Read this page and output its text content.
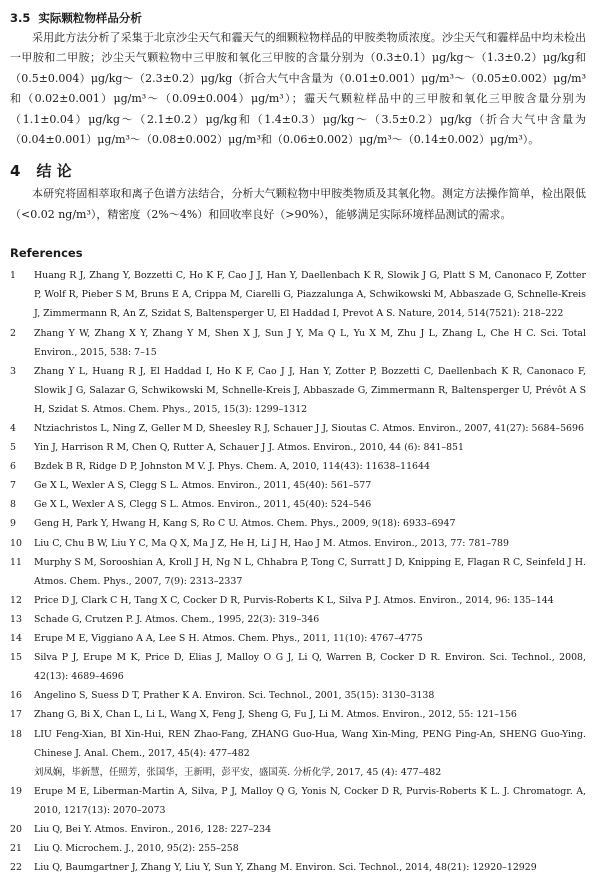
3.5 实际颗粒物样品分析

采用此方法分析了采集于北京沙尘天气和霾天气的细颗粒物样品的甲胺类物质浓度。沙尘天气和霾样品中均未检出一甲胺和二甲胺；沙尘天气颗粒物中三甲胺和氧化三甲胺的含量分别为（0.3±0.1）μg/kg～（1.3±0.2）μg/kg和（0.5±0.004）μg/kg～（2.3±0.2）μg/kg（折合大气中含量为（0.01±0.001）μg/m³～（0.05±0.002）μg/m³和（0.02±0.001）μg/m³～（0.09±0.004）μg/m³）；霾天气颗粒样品中的三甲胺和氧化三甲胺含量分别为（1.1±0.04）μg/kg～（2.1±0.2）μg/kg和（1.4±0.3）μg/kg～（3.5±0.2）μg/kg（折合大气中含量为（0.04±0.001）μg/m³～（0.08±0.002）μg/m³和（0.06±0.002）μg/m³～（0.14±0.002）μg/m³）。

4 结 论

本研究将固相萃取和离子色谱方法结合，分析大气颗粒物中甲胺类物质及其氧化物。测定方法操作简单，检出限低（<0.02 ng/m³），精密度（2%～4%）和回收率良好（>90%），能够满足实际环境样品测试的需求。

References
1	Huang R J, Zhang Y, Bozzetti C, Ho K F, Cao J J, Han Y, Daellenbach K R, Slowik J G, Platt S M, Canonaco F, Zotter P, Wolf R, Pieber S M, Bruns E A, Crippa M, Ciarelli G, Piazzalunga A, Schwikowski M, Abbaszade G, Schnelle-Kreis J, Zimmermann R, An Z, Szidat S, Baltensperger U, El Haddad I, Prevot A S. Nature, 2014, 514(7521): 218–222
2	Zhang Y W, Zhang X Y, Zhang Y M, Shen X J, Sun J Y, Ma Q L, Yu X M, Zhu J L, Zhang L, Che H C. Sci. Total Environ., 2015, 538: 7–15
3	Zhang Y L, Huang R J, El Haddad I, Ho K F, Cao J J, Han Y, Zotter P, Bozzetti C, Daellenbach K R, Canonaco F, Slowik J G, Salazar G, Schwikowski M, Schnelle-Kreis J, Abbaszade G, Zimmermann R, Baltensperger U, Prévôt A S H, Szidat S. Atmos. Chem. Phys., 2015, 15(3): 1299–1312
4	Ntziachristos L, Ning Z, Geller M D, Sheesley R J, Schauer J J, Sioutas C. Atmos. Environ., 2007, 41(27): 5684–5696
5	Yin J, Harrison R M, Chen Q, Rutter A, Schauer J J. Atmos. Environ., 2010, 44 (6): 841–851
6	Bzdek B R, Ridge D P, Johnston M V. J. Phys. Chem. A, 2010, 114(43): 11638–11644
7	Ge X L, Wexler A S, Clegg S L. Atmos. Environ., 2011, 45(40): 561–577
8	Ge X L, Wexler A S, Clegg S L. Atmos. Environ., 2011, 45(40): 524–546
9	Geng H, Park Y, Hwang H, Kang S, Ro C U. Atmos. Chem. Phys., 2009, 9(18): 6933–6947
10	Liu C, Chu B W, Liu Y C, Ma Q X, Ma J Z, He H, Li J H, Hao J M. Atmos. Environ., 2013, 77: 781–789
11	Murphy S M, Sorooshian A, Kroll J H, Ng N L, Chhabra P, Tong C, Surratt J D, Knipping E, Flagan R C, Seinfeld J H. Atmos. Chem. Phys., 2007, 7(9): 2313–2337
12	Price D J, Clark C H, Tang X C, Cocker D R, Purvis-Roberts K L, Silva P J. Atmos. Environ., 2014, 96: 135–144
13	Schade G, Crutzen P. J. Atmos. Chem., 1995, 22(3): 319–346
14	Erupe M E, Viggiano A A, Lee S H. Atmos. Chem. Phys., 2011, 11(10): 4767–4775
15	Silva P J, Erupe M K, Price D, Elias J, Malloy O G J, Li Q, Warren B, Cocker D R. Environ. Sci. Technol., 2008, 42(13): 4689–4696
16	Angelino S, Suess D T, Prather K A. Environ. Sci. Technol., 2001, 35(15): 3130–3138
17	Zhang G, Bi X, Chan L, Li L, Wang X, Feng J, Sheng G, Fu J, Li M. Atmos. Environ., 2012, 55: 121–156
18	LIU Feng-Xian, BI Xin-Hui, REN Zhao-Fang, ZHANG Guo-Hua, Wang Xin-Ming, PENG Ping-An, SHENG Guo-Ying. Chinese J. Anal. Chem., 2017, 45(4): 477–482
刘凤娴，毕新慧，任照芳，张国华，王新明，彭平安，盛国英. 分析化学, 2017, 45 (4): 477–482
19	Erupe M E, Liberman-Martin A, Silva, P J, Malloy Q G, Yonis N, Cocker D R, Purvis-Roberts K L. J. Chromatogr. A, 2010, 1217(13): 2070–2073
20	Liu Q, Bei Y. Atmos. Environ., 2016, 128: 227–234
21	Liu Q. Microchem. J., 2010, 95(2): 255–258
22	Liu Q, Baumgartner J, Zhang Y, Liu Y, Sun Y, Zhang M. Environ. Sci. Technol., 2014, 48(21): 12920–12929
